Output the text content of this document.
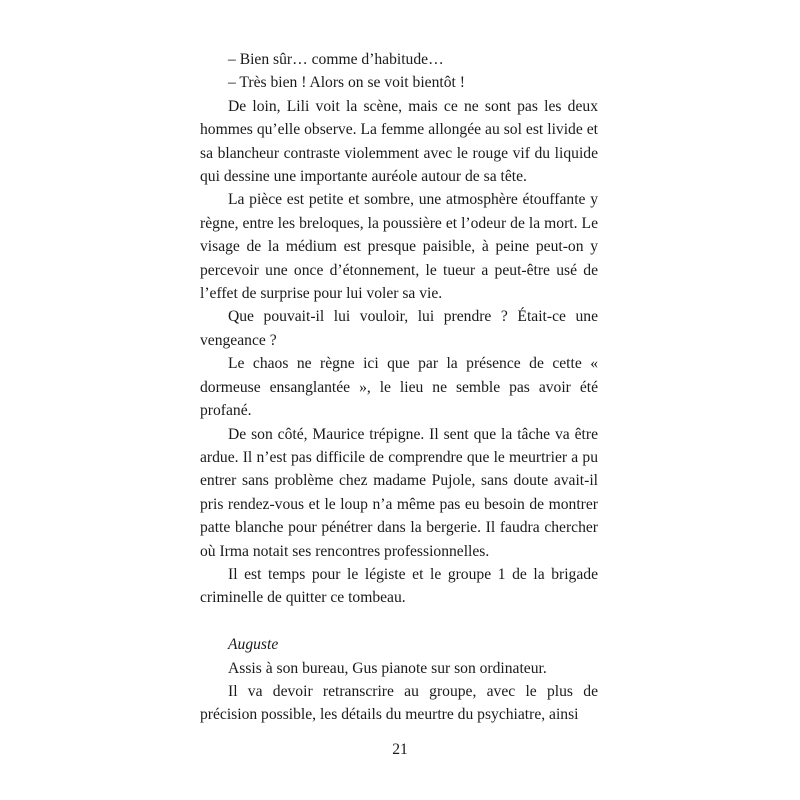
– Bien sûr… comme d’habitude…

– Très bien ! Alors on se voit bientôt !

De loin, Lili voit la scène, mais ce ne sont pas les deux hommes qu’elle observe. La femme allongée au sol est livide et sa blancheur contraste violemment avec le rouge vif du liquide qui dessine une importante auréole autour de sa tête.

La pièce est petite et sombre, une atmosphère étouffante y règne, entre les breloques, la poussière et l’odeur de la mort. Le visage de la médium est presque paisible, à peine peut-on y percevoir une once d’étonnement, le tueur a peut-être usé de l’effet de surprise pour lui voler sa vie.

Que pouvait-il lui vouloir, lui prendre ? Était-ce une vengeance ?

Le chaos ne règne ici que par la présence de cette « dormeuse ensanglantée », le lieu ne semble pas avoir été profané.

De son côté, Maurice trépigne. Il sent que la tâche va être ardue. Il n’est pas difficile de comprendre que le meurtrier a pu entrer sans problème chez madame Pujole, sans doute avait-il pris rendez-vous et le loup n’a même pas eu besoin de montrer patte blanche pour pénétrer dans la bergerie. Il faudra chercher où Irma notait ses rencontres professionnelles.

Il est temps pour le légiste et le groupe 1 de la brigade criminelle de quitter ce tombeau.

Auguste

Assis à son bureau, Gus pianote sur son ordinateur.

Il va devoir retranscrire au groupe, avec le plus de précision possible, les détails du meurtre du psychiatre, ainsi

21
